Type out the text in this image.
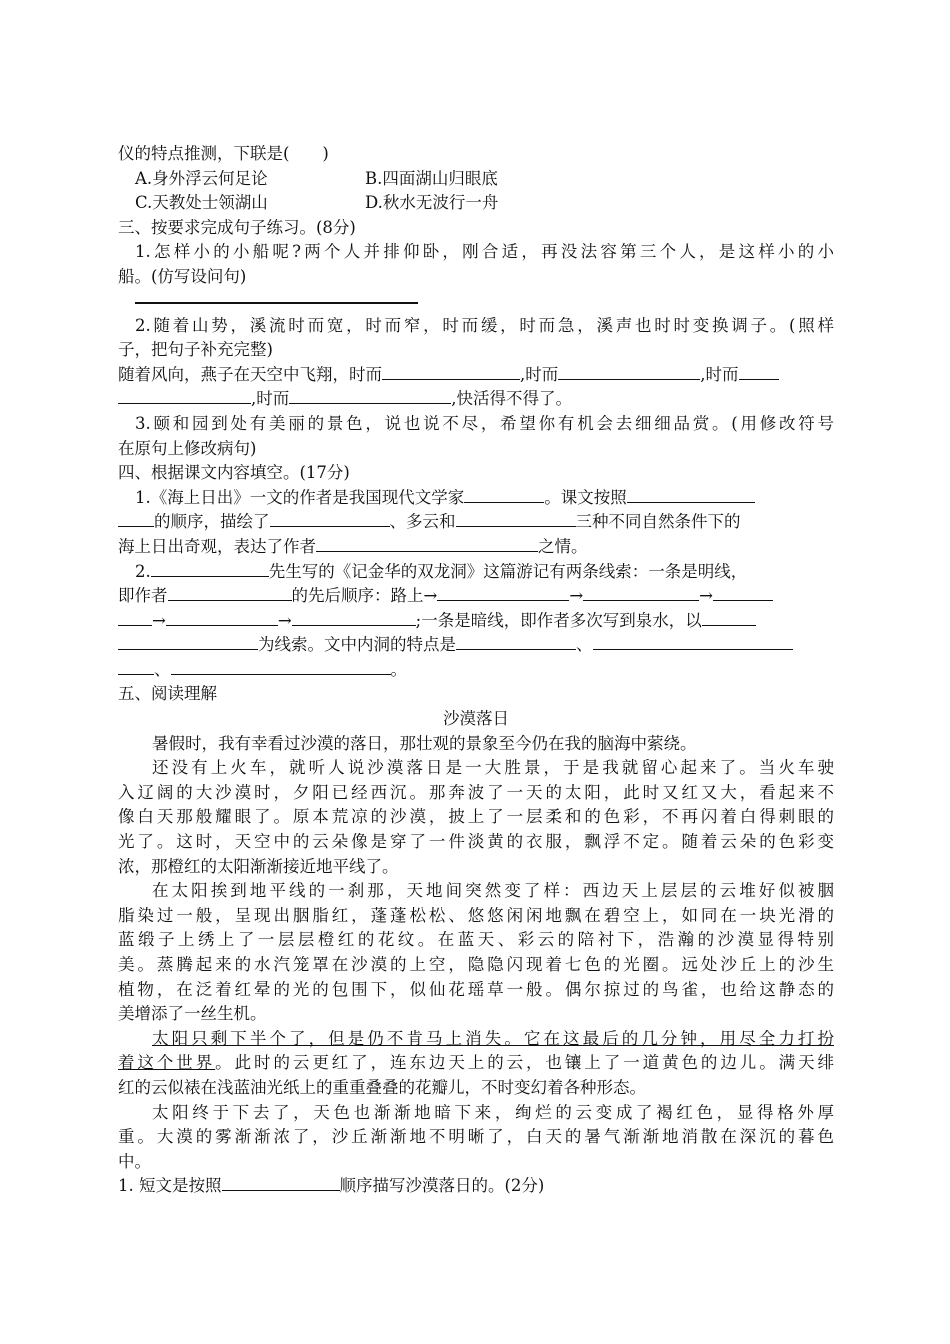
仪的特点推测，下联是(　　)
A.身外浮云何足论	B.四面湖山归眼底
C.天教处士领湖山	D.秋水无波行一舟
三、按要求完成句子练习。(8分)
1.怎样小的小船呢?两个人并排仰卧，刚合适，再没法容第三个人，是这样小的小
船。(仿写设问句)
2.随着山势，溪流时而宽，时而窄，时而缓，时而急，溪声也时时变换调子。(照样
子，把句子补充完整)
随着风向，燕子在天空中飞翔，时而	,时而	,时而
,时而	,快活得不得了。
3.颐和园到处有美丽的景色，说也说不尽，希望你有机会去细细品赏。(用修改符号
在原句上修改病句)
四、根据课文内容填空。(17分)
1.《海上日出》一文的作者是我国现代文学家	。课文按照
的顺序，描绘了	、多云和	三种不同自然条件下的
海上日出奇观，表达了作者	之情。
2.	先生写的《记金华的双龙洞》这篇游记有两条线索：一条是明线，
即作者	的先后顺序：路上→	→	→
→	→	;一条是暗线，即作者多次写到泉水，以
为线索。文中内洞的特点是	、
、	。
五、阅读理解
沙漠落日
暑假时，我有幸看过沙漠的落日，那壮观的景象至今仍在我的脑海中萦绕。
还没有上火车，就听人说沙漠落日是一大胜景，于是我就留心起来了。当火车驶
入辽阔的大沙漠时，夕阳已经西沉。那奔波了一天的太阳，此时又红又大，看起来不
像白天那般耀眼了。原本荒凉的沙漠，披上了一层柔和的色彩，不再闪着白得刺眼的
光了。这时，天空中的云朵像是穿了一件淡黄的衣服，飘浮不定。随着云朵的色彩变
浓，那橙红的太阳渐渐接近地平线了。
在太阳挨到地平线的一刹那，天地间突然变了样：西边天上层层的云堆好似被胭
脂染过一般，呈现出胭脂红，蓬蓬松松、悠悠闲闲地飘在碧空上，如同在一块光滑的
蓝缎子上绣上了一层层橙红的花纹。在蓝天、彩云的陪衬下，浩瀚的沙漠显得特别
美。蒸腾起来的水汽笼罩在沙漠的上空，隐隐闪现着七色的光圈。远处沙丘上的沙生
植物，在泛着红晕的光的包围下，似仙花瑶草一般。偶尔掠过的鸟雀，也给这静态的
美增添了一丝生机。
太阳只剩下半个了，但是仍不肯马上消失。它在这最后的几分钟，用尽全力打扮
着这个世界。此时的云更红了，连东边天上的云，也镶上了一道黄色的边儿。满天绯
红的云似裱在浅蓝油光纸上的重重叠叠的花瓣儿，不时变幻着各种形态。
太阳终于下去了，天色也渐渐地暗下来，绚烂的云变成了褐红色，显得格外厚
重。大漠的雾渐渐浓了，沙丘渐渐地不明晰了，白天的暑气渐渐地消散在深沉的暮色
中。
1. 短文是按照	顺序描写沙漠落日的。(2分)
